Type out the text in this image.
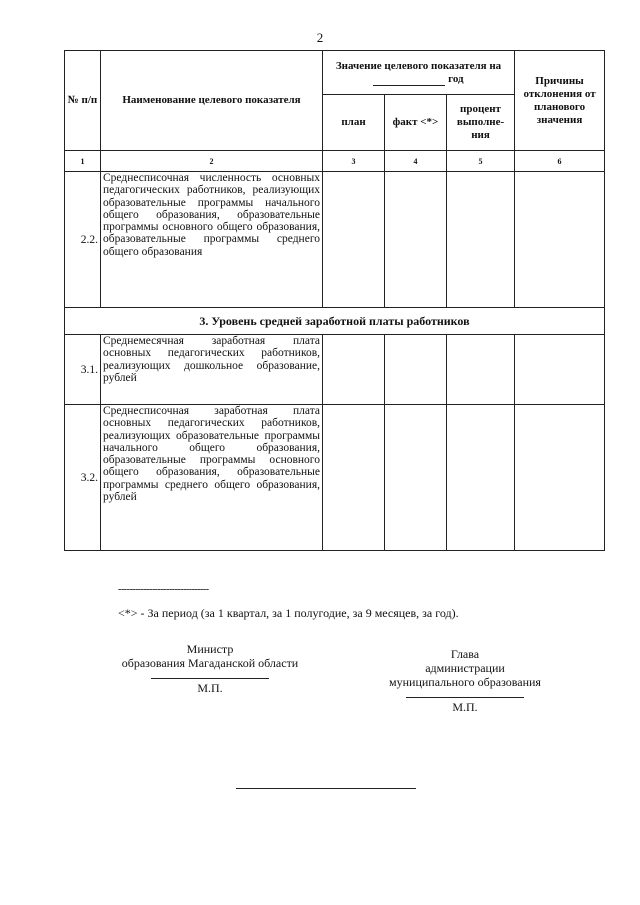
2
№ п/п	Наименование целевого показателя	Значение целевого показателя на  год			Причины отклонения от планового значения
		план	факт <*>	процент выполне-ния	
1	2	3	4	5	6
2.2.	Среднесписочная численность основных педагогических работников, реализующих образовательные программы начального общего образования, образовательные программы основного общего образования, образовательные программы среднего общего образования				
3. Уровень средней заработной платы работников					
3.1.	Среднемесячная заработная плата основных педагогических работников, реализующих дошкольное образование, рублей				
3.2.	Среднесписочная заработная плата основных педагогических работников, реализующих образовательные программы начального общего образования, образовательные программы основного общего образования, образовательные программы среднего общего образования, рублей				
--------------------------------
<*> - За период (за 1 квартал, за 1 полугодие, за 9 месяцев, за год).
Министр
образования Магаданской области
М.П.
Глава
администрации
муниципального образования
М.П.
